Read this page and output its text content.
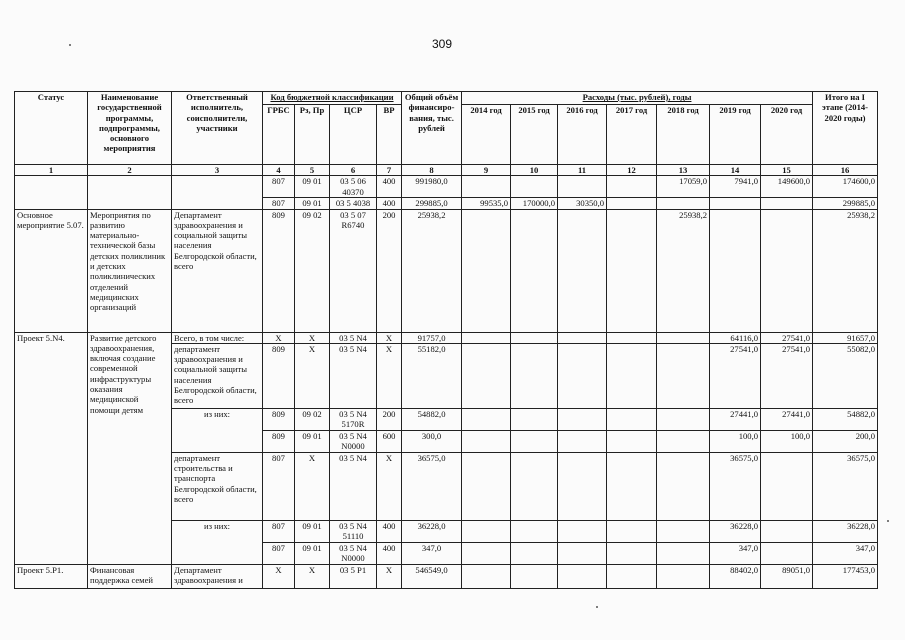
309
Статус	Наименование государственной программы, подпрограммы, основного мероприятия	Ответственный исполнитель, соисполнители, участники	Код бюджетной классификации				Общий объём финансиро-вания, тыс. рублей	Расходы (тыс. рублей), годы							Итого на I этапе (2014-2020 годы)
			ГРБС	Рз, Пр	ЦСР	ВР		2014 год	2015 год	2016 год	2017 год	2018 год	2019 год	2020 год	
1	2	3	4	5	6	7	8	9	10	11	12	13	14	15	16
			807	09 01	03 5 06 40370	400	991980,0					17059,0	7941,0	149600,0	174600,0
			807	09 01	03 5 4038	400	299885,0	99535,0	170000,0	30350,0					299885,0
Основное мероприятие 5.07.	Мероприятия по развитию материально-технической базы детских поликлиник и детских поликлинических отделений медицинских организаций	Департамент здравоохранения и социальной защиты населения Белгородской области, всего	809	09 02	03 5 07 R6740	200	25938,2					25938,2			25938,2
Проект 5.N4.	Развитие детского здравоохранения, включая создание современной инфраструктуры оказания медицинской помощи детям	Всего, в том числе:	Х	Х	03 5 N4	Х	91757,0						64116,0	27541,0	91657,0
		департамент здравоохранения и социальной защиты населения Белгородской области, всего	809	Х	03 5 N4	Х	55182,0						27541,0	27541,0	55082,0
		из них:	809	09 02	03 5 N4 5170R	200	54882,0						27441,0	27441,0	54882,0
			809	09 01	03 5 N4 N0000	600	300,0						100,0	100,0	200,0
		департамент строительства и транспорта Белгородской области, всего	807	Х	03 5 N4	Х	36575,0						36575,0		36575,0
		из них:	807	09 01	03 5 N4 51110	400	36228,0						36228,0		36228,0
			807	09 01	03 5 N4 N0000	400	347,0						347,0		347,0
Проект 5.P1.	Финансовая поддержка семей	Департамент здравоохранения и	Х	Х	03 5 P1	Х	546549,0						88402,0	89051,0	177453,0
